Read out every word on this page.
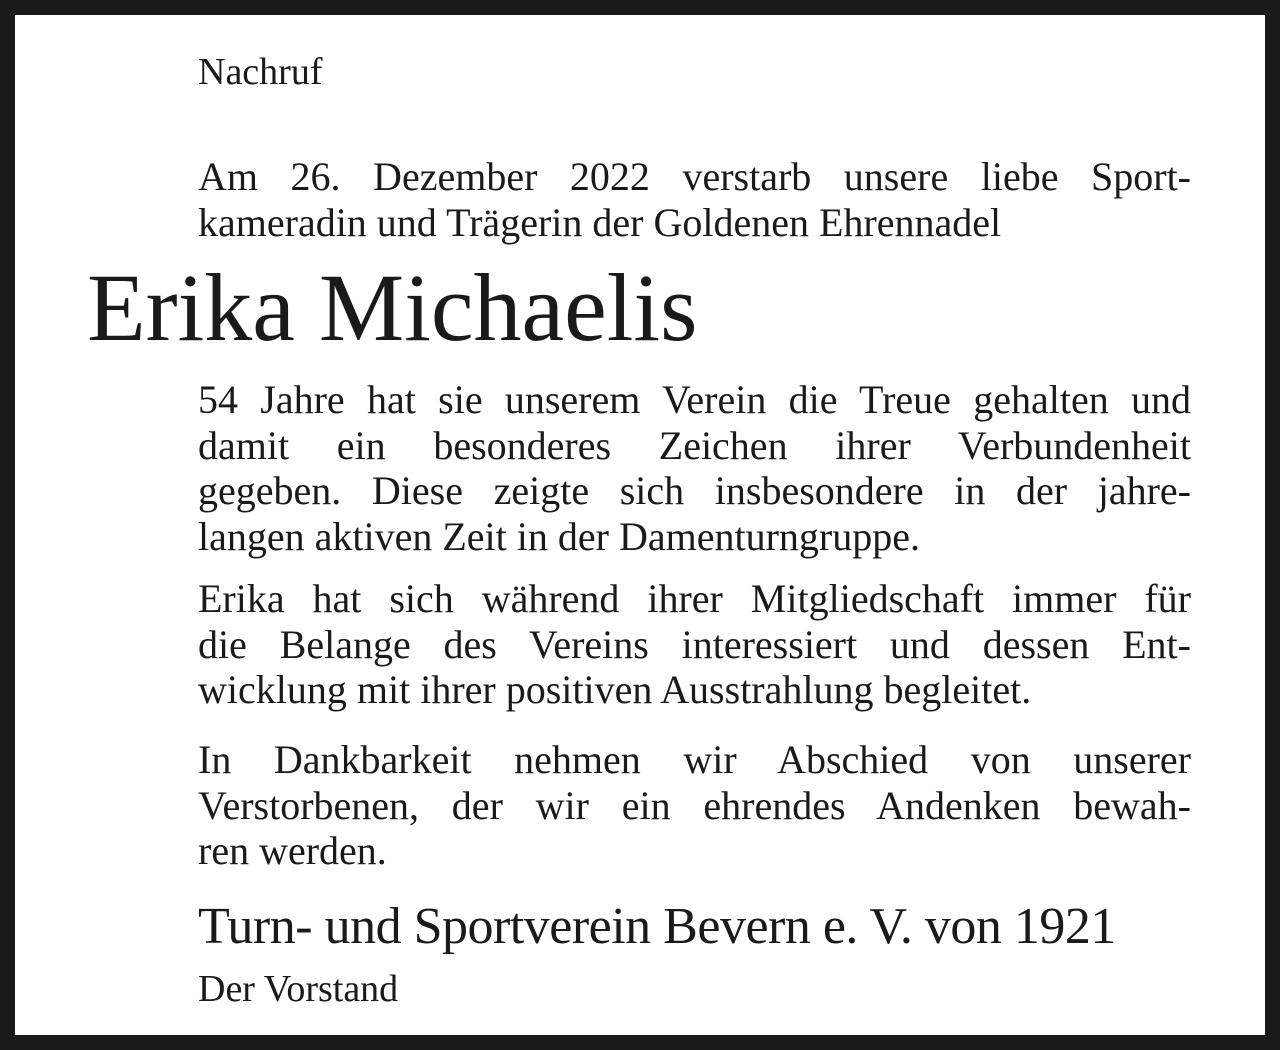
Nachruf

Am 26. Dezember 2022 verstarb unsere liebe Sport-
kameradin und Trägerin der Goldenen Ehrennadel
Erika Michaelis
54 Jahre hat sie unserem Verein die Treue gehalten und
damit ein besonderes Zeichen ihrer Verbundenheit
gegeben. Diese zeigte sich insbesondere in der jahre-
langen aktiven Zeit in der Damenturngruppe.
Erika hat sich während ihrer Mitgliedschaft immer für
die Belange des Vereins interessiert und dessen Ent-
wicklung mit ihrer positiven Ausstrahlung begleitet.
In Dankbarkeit nehmen wir Abschied von unserer
Verstorbenen, der wir ein ehrendes Andenken bewah-
ren werden.

Turn- und Sportverein Bevern e. V. von 1921

Der Vorstand
